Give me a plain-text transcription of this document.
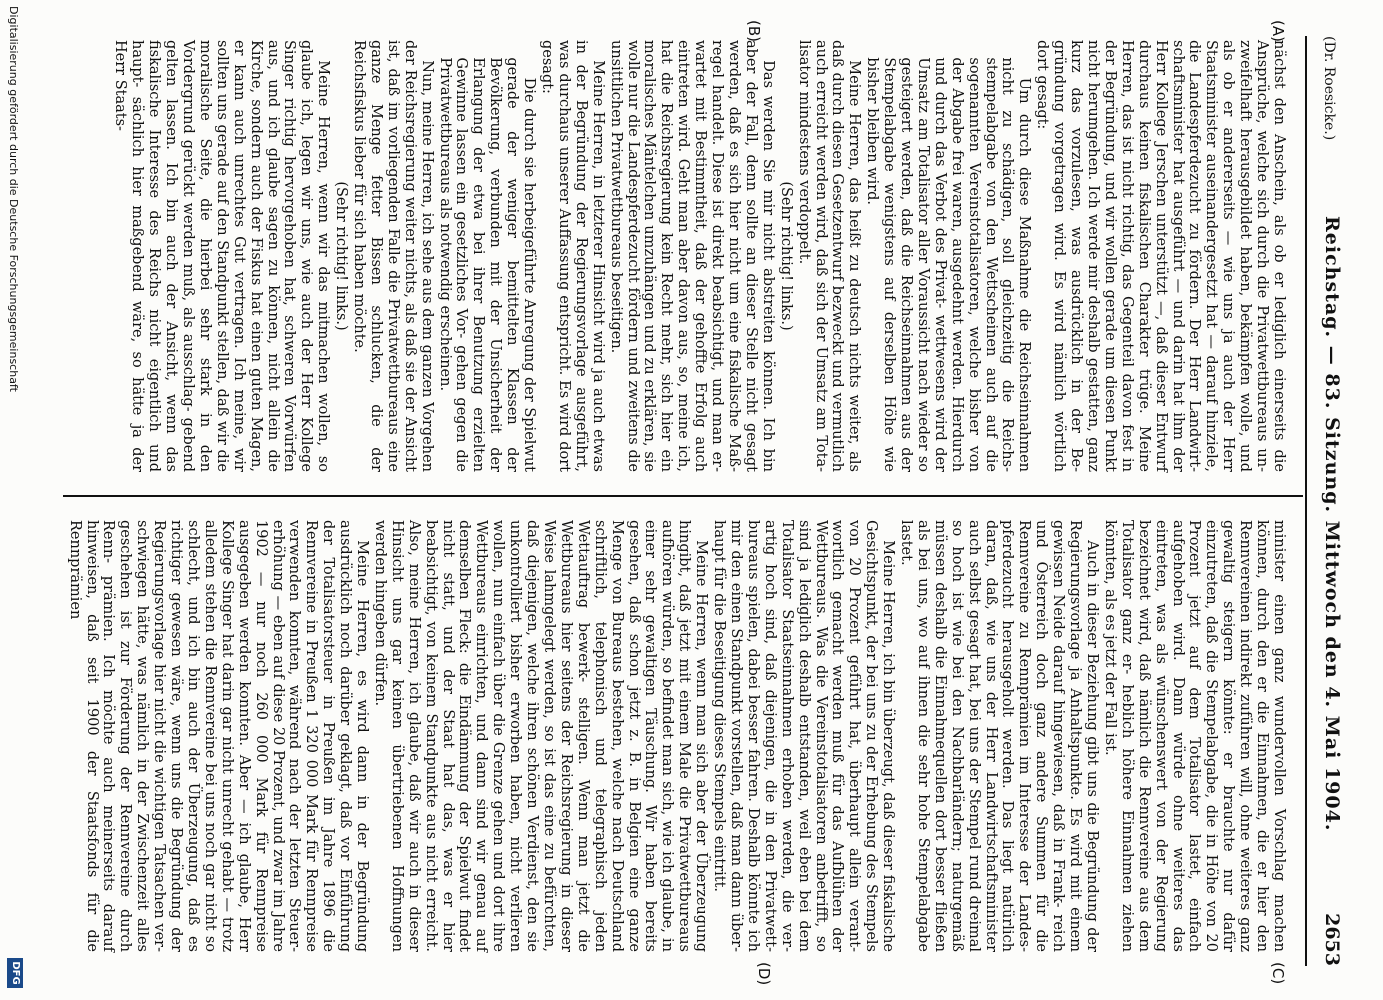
(Dr. Roesicke.)
Reichstag. — 83. Sitzung. Mittwoch den 4. Mai 1904.
2653
(A)
(B)
(C)
(D)

nächst den Anschein, als ob er lediglich einerseits die Ansprüche, welche sich durch die Privatwettbureaus un- zweifelhaft herausgebildet haben, bekämpfen wolle, und als ob er andererseits — wie uns ja auch der Herr Staatsminister auseinandergesetzt hat — darauf hinziele, die Landespferdezucht zu fördern. Der Herr Landwirt- schaftsminister hat ausgeführt — und darin hat ihm der Herr Kollege Jerschen unterstützt —, daß dieser Entwurf durchaus keinen fiskalischen Charakter trüge. Meine Herren, das ist nicht richtig, das Gegenteil davon fest in der Begründung, und wir wollen gerade um diesen Punkt nicht herumgehen. Ich werde mir deshalb gestatten, ganz kurz das vorzulesen, was ausdrücklich in der Be- gründung vorgetragen wird. Es wird nämlich wörtlich dort gesagt:

Um durch diese Maßnahme die Reichseinnahmen nicht zu schädigen, soll gleichzeitig die Reichs- stempelabgabe von den Wettscheinen auch auf die sogenannten Vereinstotalisatoren, welche bisher von der Abgabe frei waren, ausgedehnt werden. Hierdurch und durch das Verbot des Privat- wettwesens wird der Umsatz am Totalisator aller Voraussicht nach wieder so gesteigert werden, daß die Reichseinnahmen aus der Stempelabgabe wenigstens auf derselben Höhe wie bisher bleiben wird.

Meine Herren, das heißt zu deutsch nichts weiter, als daß durch diesen Gesetzentwurf bezweckt und vermutlich auch erreicht werden wird, daß sich der Umsatz am Tota- lisator mindestens verdoppelt.

(Sehr richtig! links.)

Das werden Sie mir nicht abstreiten können. Ich bin aber der Fall, denn sollte an dieser Stelle nicht gesagt werden, daß es sich hier nicht um eine fiskalische Maß- regel handelt. Diese ist direkt beabsichtigt, und man er- wartet mit Bestimmtheit, daß der gehoffte Erfolg auch eintreten wird. Geht man aber davon aus, so, meine ich, hat die Reichsregierung kein Recht mehr, sich hier ein moralisches Mäntelchen umzuhängen und zu erklären, sie wolle nur die Landespferdezucht fördern und zweitens die unsittlichen Privatwettbureaus beseitigen.

Meine Herren, in letzterer Hinsicht wird ja auch etwas in der Begründung der Regierungsvorlage ausgeführt, was durchaus unserer Auffassung entspricht. Es wird dort gesagt:

Die durch sie herbeigeführte Anregung der Spielwut gerade der weniger bemittelten Klassen der Bevölkerung, verbunden mit der Unsicherheit der Erlangung der etwa bei ihrer Benutzung erzielten Gewinne lassen ein gesetzliches Vor- gehen gegen die Privatwettbureaus als notwendig erscheinen.

Nun, meine Herren, ich sehe aus dem ganzen Vorgehen der Reichsregierung weiter nichts, als daß sie der Ansicht ist, daß im vorliegenden Falle die Privatwettbureaus eine ganze Menge fetter Bissen schlucken, die der Reichsfiskus lieber für sich haben möchte.

(Sehr richtig! links.)

Meine Herren, wenn wir das mitmachen wollen, so glaube ich, legen wir uns, wie auch der Herr Kollege Singer richtig hervorgehoben hat, schweren Vorwürfen aus, und ich glaube sagen zu können, nicht allein die Kirche, sondern auch der Fiskus hat einen guten Magen, er kann auch unrechtes Gut vertragen. Ich meine, wir sollten uns gerade auf den Standpunkt stellen, daß wir die moralische Seite, die hierbei sehr stark in den Vordergrund gerückt werden muß, als ausschlag- gebend gelten lassen. Ich bin auch der Ansicht, wenn das fiskalische Interesse des Reichs nicht eigentlich und haupt- sächlich hier maßgebend wäre, so hätte ja der Herr Staats-

minister einen ganz wundervollen Vorschlag machen können, durch den er die Einnahmen, die er hier den Rennvereinen indirekt zuführen will, ohne weiteres ganz gewaltig steigern könnte: er brauchte nur dafür einzutreten, daß die Stempelabgabe, die in Höhe von 20 Prozent jetzt auf dem Totalisator lastet, einfach aufgehoben wird. Dann würde ohne weiteres das eintreten, was als wünschenswert von der Regierung bezeichnet wird, daß nämlich die Rennvereine aus dem Totalisator ganz er- heblich höhere Einnahmen ziehen könnten, als es jetzt der Fall ist.

Auch in dieser Beziehung gibt uns die Begründung der Regierungsvorlage ja Anhaltspunkte. Es wird mit einem gewissen Neide darauf hingewiesen, daß in Frank- reich und Österreich doch ganz andere Summen für die Rennvereine zu Rennprämien im Interesse der Landes- pferdezucht herausgeholt werden. Das liegt natürlich daran, daß, wie uns der Herr Landwirtschaftsminister auch selbst gesagt hat, bei uns der Stempel rund dreimal so hoch ist wie bei den Nachbarländern; naturgemäß müssen deshalb die Einnahmequellen dort besser fließen als bei uns, wo auf ihnen die sehr hohe Stempelabgabe lastet.

Meine Herren, ich bin überzeugt, daß dieser fiskalische Gesichtspunkt, der bei uns zu der Erhebung des Stempels von 20 Prozent geführt hat, überhaupt allein verant- wortlich gemacht werden muß für das Aufblühen der Wettbureaus. Was die Vereinstotalisatoren anbetrifft, so sind ja lediglich deshalb entstanden, weil eben bei dem Totalisator Staatseinnahmen erhoben werden, die ver- artig hoch sind, daß diejenigen, die in den Privatwett- bureaus spielen, dabei besser fahren. Deshalb könnte ich mir den einen Standpunkt vorstellen, daß man dann über- haupt für die Beseitigung dieses Stempels eintritt.

Meine Herren, wenn man sich aber der Überzeugung hingibt, daß jetzt mit einem Male die Privatwettbureaus aufhören würden, so befindet man sich, wie ich glaube, in einer sehr gewaltigen Täuschung. Wir haben bereits gesehen, daß schon jetzt z. B. in Belgien eine ganze Menge von Bureaus bestehen, welche nach Deutschland schriftlich, telephonisch und telegraphisch jeden Wettauftrag bewerk- stelligen. Wenn man jetzt die Wettbureaus hier seitens der Reichsregierung in dieser Weise lahmgelegt werden, so ist das eine zu befürchten, daß diejenigen, welche ihren schönen Verdienst, den sie unkontrolliert bisher erworben haben, nicht verlieren wollen, nun einfach über die Grenze gehen und dort ihre Wettbureaus einrichten, und dann sind wir genau auf demselben Fleck: die Eindämmung der Spielwut findet nicht statt, und der Staat hat das, was er hier beabsichtigt, von keinem Standpunkte aus nicht erreicht. Also, meine Herren, ich glaube, daß wir auch in dieser Hinsicht uns gar keinen übertriebenen Hoffnungen werden hingeben dürfen.

Meine Herren, es wird dann in der Begründung ausdrücklich noch darüber geklagt, daß vor Einführung der Totalisatorsteuer in Preußen im Jahre 1896 die Rennvereine in Preußen 1 320 000 Mark für Rennpreise verwenden konnten, während nach der letzten Steuer- erhöhung — eben auf diese 20 Prozent, und zwar im Jahre 1902 — nur noch 260 000 Mark für Rennpreise ausgegeben werden konnten. Aber — ich glaube, Herr Kollege Singer hat darin gar nicht unrecht gehabt — trotz alledem stehen die Rennvereine bei uns noch gar nicht so schlecht, und ich bin auch der Überzeugung, daß es richtiger gewesen wäre, wenn uns die Begründung der Regierungsvorlage hier nicht die wichtigen Tatsachen ver- schwiegen hätte, was nämlich in der Zwischenzeit alles geschehen ist zur Förderung der Rennvereine durch Renn- prämien. Ich möchte auch meinerseits darauf hinweisen, daß seit 1900 der Staatsfonds für die Rennprämien

Digitalisierung gefördert durch die Deutsche Forschungsgemeinschaft
DFG
